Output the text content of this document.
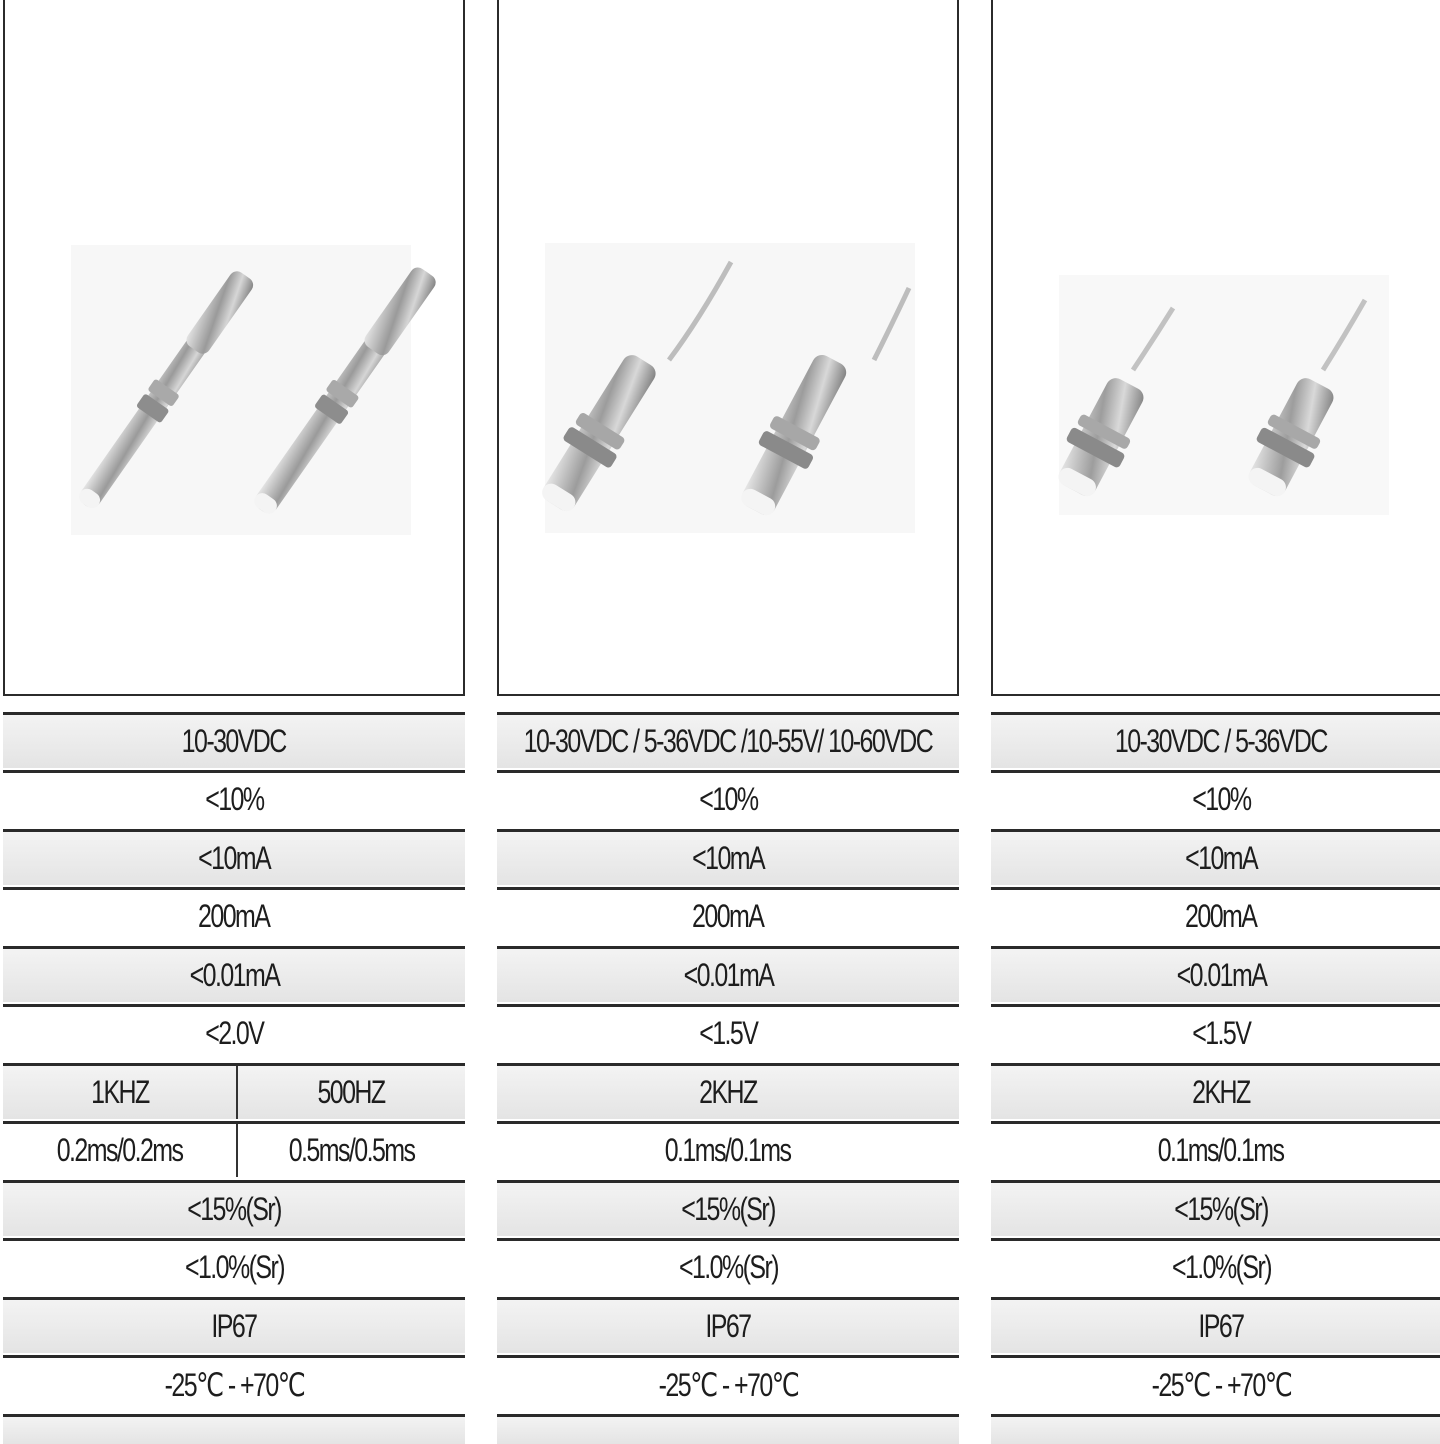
10-30VDC
<10%
<10mA
200mA
<0.01mA
<2.0V
1KHZ	500HZ
0.2ms/0.2ms	0.5ms/0.5ms
<15%(Sr)
<1.0%(Sr)
IP67
-25℃ - +70℃
10-30VDC / 5-36VDC /10-55V/ 10-60VDC
<10%
<10mA
200mA
<0.01mA
<1.5V
2KHZ
0.1ms/0.1ms
<15%(Sr)
<1.0%(Sr)
IP67
-25℃ - +70℃
10-30VDC / 5-36VDC
<10%
<10mA
200mA
<0.01mA
<1.5V
2KHZ
0.1ms/0.1ms
<15%(Sr)
<1.0%(Sr)
IP67
-25℃ - +70℃
